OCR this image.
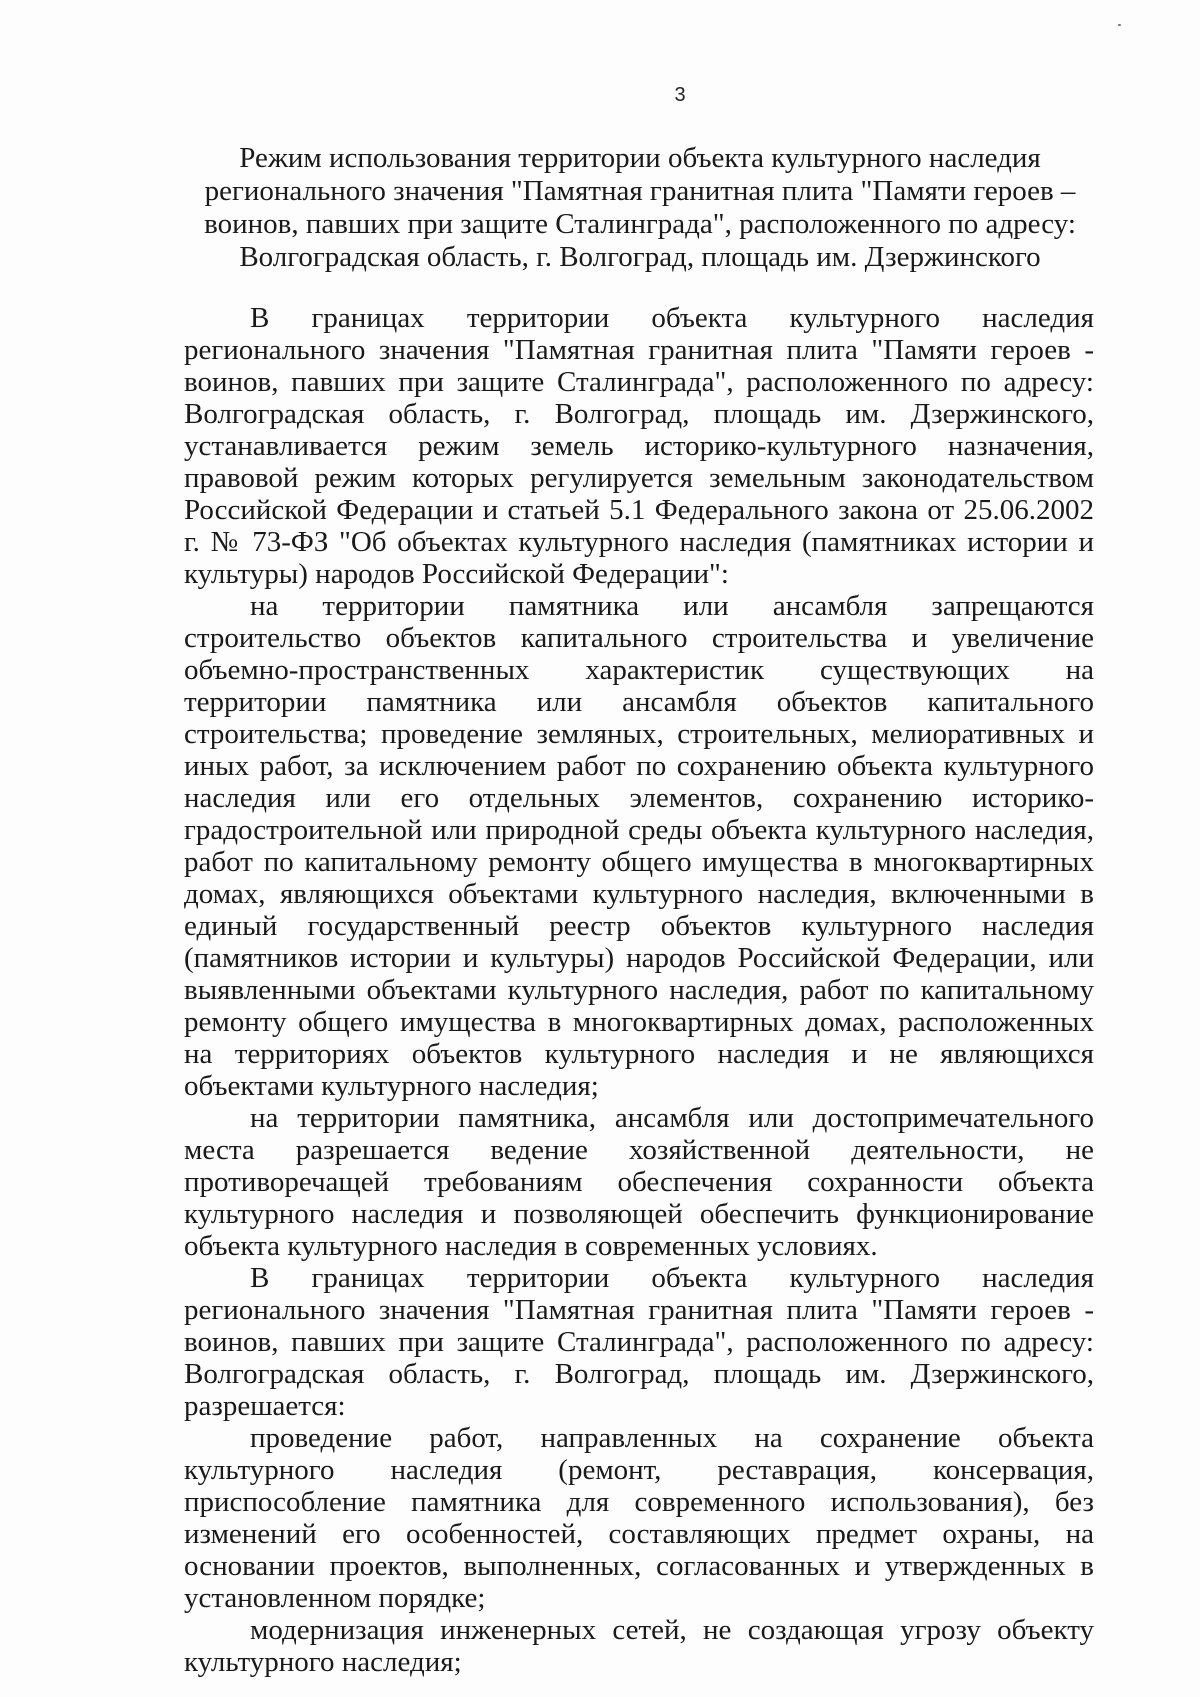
3
Режим использования территории объекта культурного наследия регионального значения "Памятная гранитная плита "Памяти героев – воинов, павших при защите Сталинграда", расположенного по адресу: Волгоградская область, г. Волгоград, площадь им. Дзержинского

В границах территории объекта культурного наследия регионального значения "Памятная гранитная плита "Памяти героев - воинов, павших при защите Сталинграда", расположенного по адресу: Волгоградская область, г. Волгоград, площадь им. Дзержинского, устанавливается режим земель историко-культурного назначения, правовой режим которых регулируется земельным законодательством Российской Федерации и статьей 5.1 Федерального закона от 25.06.2002 г. № 73-ФЗ "Об объектах культурного наследия (памятниках истории и культуры) народов Российской Федерации":

на территории памятника или ансамбля запрещаются строительство объектов капитального строительства и увеличение объемно-пространственных характеристик существующих на территории памятника или ансамбля объектов капитального строительства; проведение земляных, строительных, мелиоративных и иных работ, за исключением работ по сохранению объекта культурного наследия или его отдельных элементов, сохранению историко- градостроительной или природной среды объекта культурного наследия, работ по капитальному ремонту общего имущества в многоквартирных домах, являющихся объектами культурного наследия, включенными в единый государственный реестр объектов культурного наследия (памятников истории и культуры) народов Российской Федерации, или выявленными объектами культурного наследия, работ по капитальному ремонту общего имущества в многоквартирных домах, расположенных на территориях объектов культурного наследия и не являющихся объектами культурного наследия;

на территории памятника, ансамбля или достопримечательного места разрешается ведение хозяйственной деятельности, не противоречащей требованиям обеспечения сохранности объекта культурного наследия и позволяющей обеспечить функционирование объекта культурного наследия в современных условиях.

В границах территории объекта культурного наследия регионального значения "Памятная гранитная плита "Памяти героев - воинов, павших при защите Сталинграда", расположенного по адресу: Волгоградская область, г. Волгоград, площадь им. Дзержинского, разрешается:

проведение работ, направленных на сохранение объекта культурного наследия (ремонт, реставрация, консервация, приспособление памятника для современного использования), без изменений его особенностей, составляющих предмет охраны, на основании проектов, выполненных, согласованных и утвержденных в установленном порядке;

модернизация инженерных сетей, не создающая угрозу объекту культурного наследия;
